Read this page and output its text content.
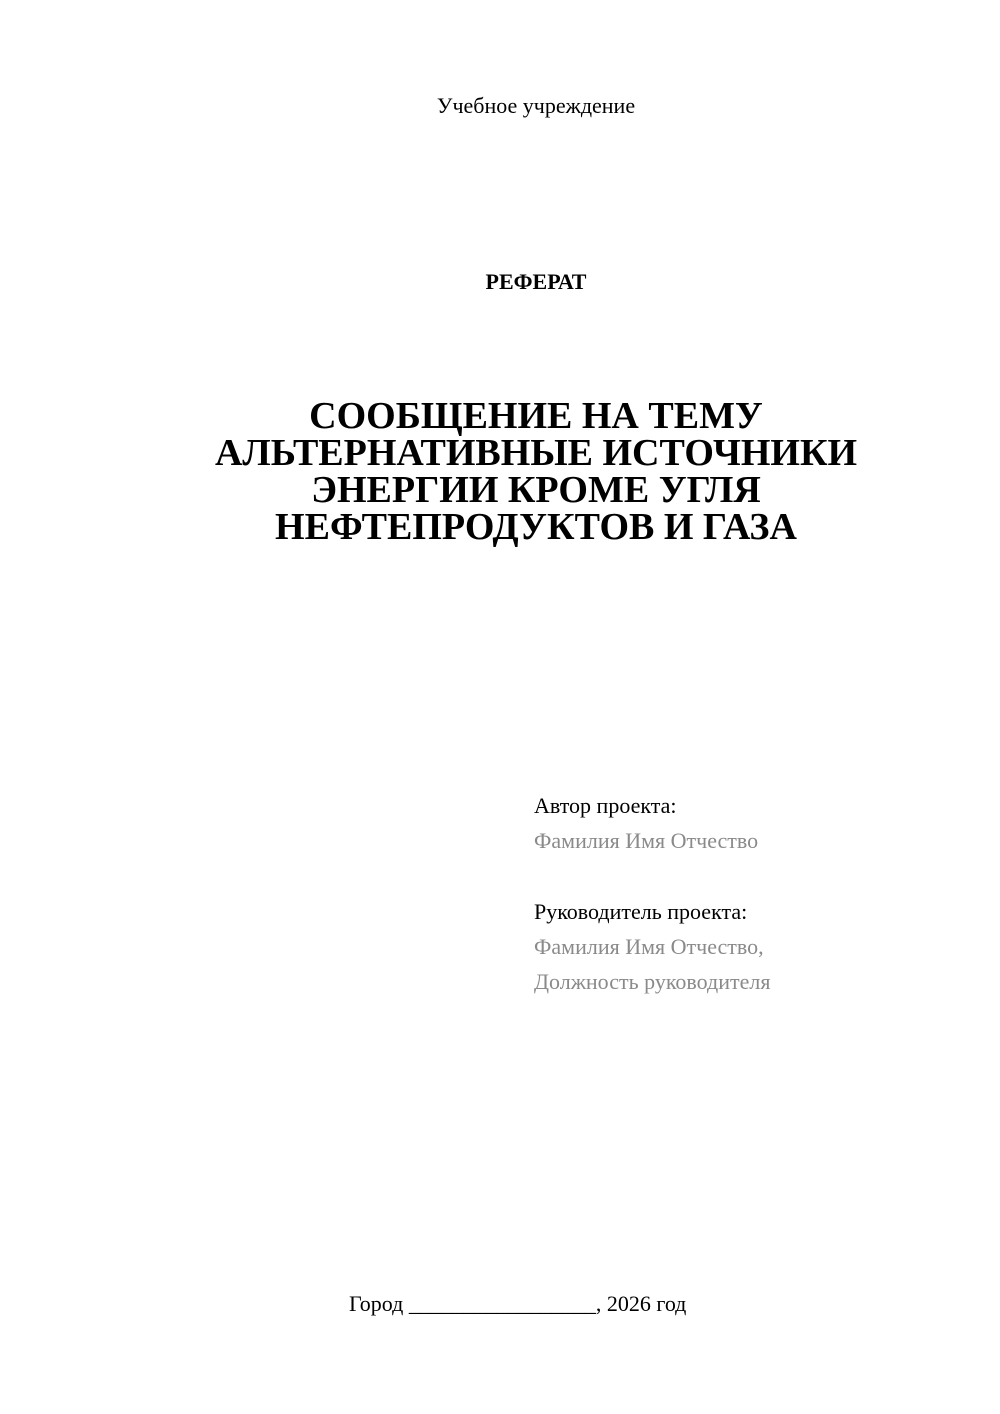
Учебное учреждение
РЕФЕРАТ
СООБЩЕНИЕ НА ТЕМУ
АЛЬТЕРНАТИВНЫЕ ИСТОЧНИКИ
ЭНЕРГИИ КРОМЕ УГЛЯ
НЕФТЕПРОДУКТОВ И ГАЗА
Автор проекта:
Фамилия Имя Отчество
Руководитель проекта:
Фамилия Имя Отчество,
Должность руководителя
Город _________________, 2026 год
